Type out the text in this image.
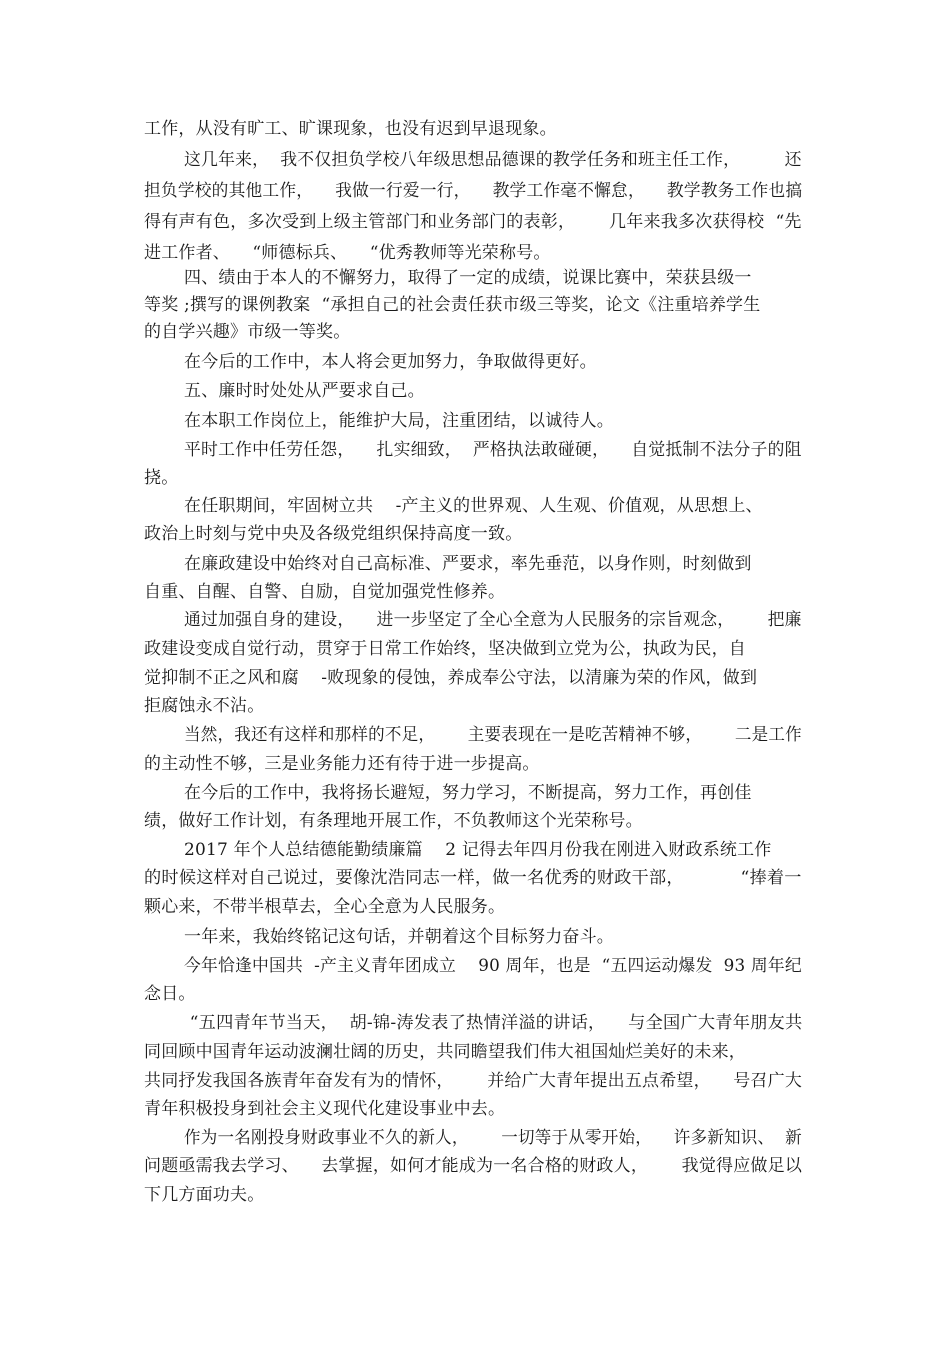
工作，从没有旷工、旷课现象，也没有迟到早退现象。
这几年来，  我不仅担负学校八年级思想品德课的教学任务和班主任工作，        还
担负学校的其他工作，    我做一行爱一行，    教学工作毫不懈怠，    教学教务工作也搞
得有声有色，多次受到上级主管部门和业务部门的表彰，      几年来我多次获得校  “先
进工作者、    “师德标兵、    “优秀教师等光荣称号。
四、绩由于本人的不懈努力，取得了一定的成绩，说课比赛中，荣获县级一
等奖 ;撰写的课例教案  “承担自己的社会责任获市级三等奖，论文《注重培养学生
的自学兴趣》市级一等奖。
在今后的工作中，本人将会更加努力，争取做得更好。
五、廉时时处处从严要求自己。
在本职工作岗位上，能维护大局，注重团结，以诚待人。
平时工作中任劳任怨，    扎实细致，  严格执法敢碰硬，    自觉抵制不法分子的阻
挠。
在任职期间，牢固树立共    -产主义的世界观、人生观、价值观，从思想上、
政治上时刻与党中央及各级党组织保持高度一致。
在廉政建设中始终对自己高标准、严要求，率先垂范，以身作则，时刻做到
自重、自醒、自警、自励，自觉加强党性修养。
通过加强自身的建设，    进一步坚定了全心全意为人民服务的宗旨观念，      把廉
政建设变成自觉行动，贯穿于日常工作始终，坚决做到立党为公，执政为民，自
觉抑制不正之风和腐    -败现象的侵蚀，养成奉公守法，以清廉为荣的作风，做到
拒腐蚀永不沾。
当然，我还有这样和那样的不足，      主要表现在一是吃苦精神不够，      二是工作
的主动性不够，三是业务能力还有待于进一步提高。
在今后的工作中，我将扬长避短，努力学习，不断提高，努力工作，再创佳
绩，做好工作计划，有条理地开展工作，不负教师这个光荣称号。
2017 年个人总结德能勤绩廉篇    2 记得去年四月份我在刚进入财政系统工作
的时候这样对自己说过，要像沈浩同志一样，做一名优秀的财政干部，          “捧着一
颗心来，不带半根草去，全心全意为人民服务。
一年来，我始终铭记这句话，并朝着这个目标努力奋斗。
今年恰逢中国共  -产主义青年团成立    90 周年，也是  “五四运动爆发  93 周年纪
念日。
“五四青年节当天，  胡-锦-涛发表了热情洋溢的讲话，    与全国广大青年朋友共
同回顾中国青年运动波澜壮阔的历史，共同瞻望我们伟大祖国灿烂美好的未来，
共同抒发我国各族青年奋发有为的情怀，      并给广大青年提出五点希望，    号召广大
青年积极投身到社会主义现代化建设事业中去。
作为一名刚投身财政事业不久的新人，      一切等于从零开始，    许多新知识、  新
问题亟需我去学习、    去掌握，如何才能成为一名合格的财政人，      我觉得应做足以
下几方面功夫。
